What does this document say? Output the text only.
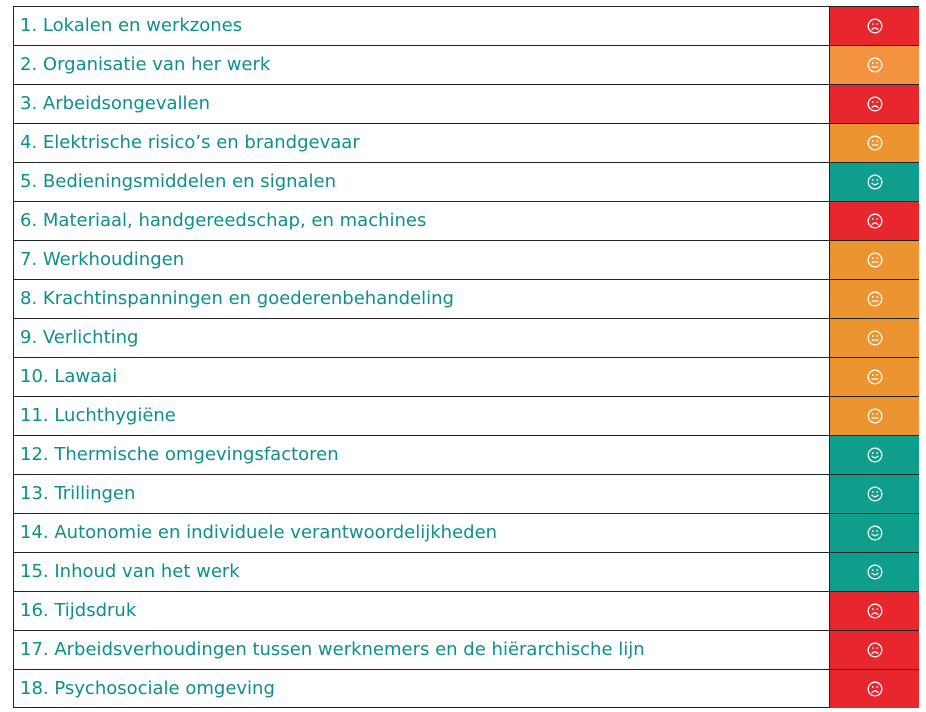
1. Lokalen en werkzones
2. Organisatie van her werk
3. Arbeidsongevallen
4. Elektrische risico’s en brandgevaar
5. Bedieningsmiddelen en signalen
6. Materiaal, handgereedschap, en machines
7. Werkhoudingen
8. Krachtinspanningen en goederenbehandeling
9. Verlichting
10. Lawaai
11. Luchthygiëne
12. Thermische omgevingsfactoren
13. Trillingen
14. Autonomie en individuele verantwoordelijkheden
15. Inhoud van het werk
16. Tijdsdruk
17. Arbeidsverhoudingen tussen werknemers en de hiërarchische lijn
18. Psychosociale omgeving
